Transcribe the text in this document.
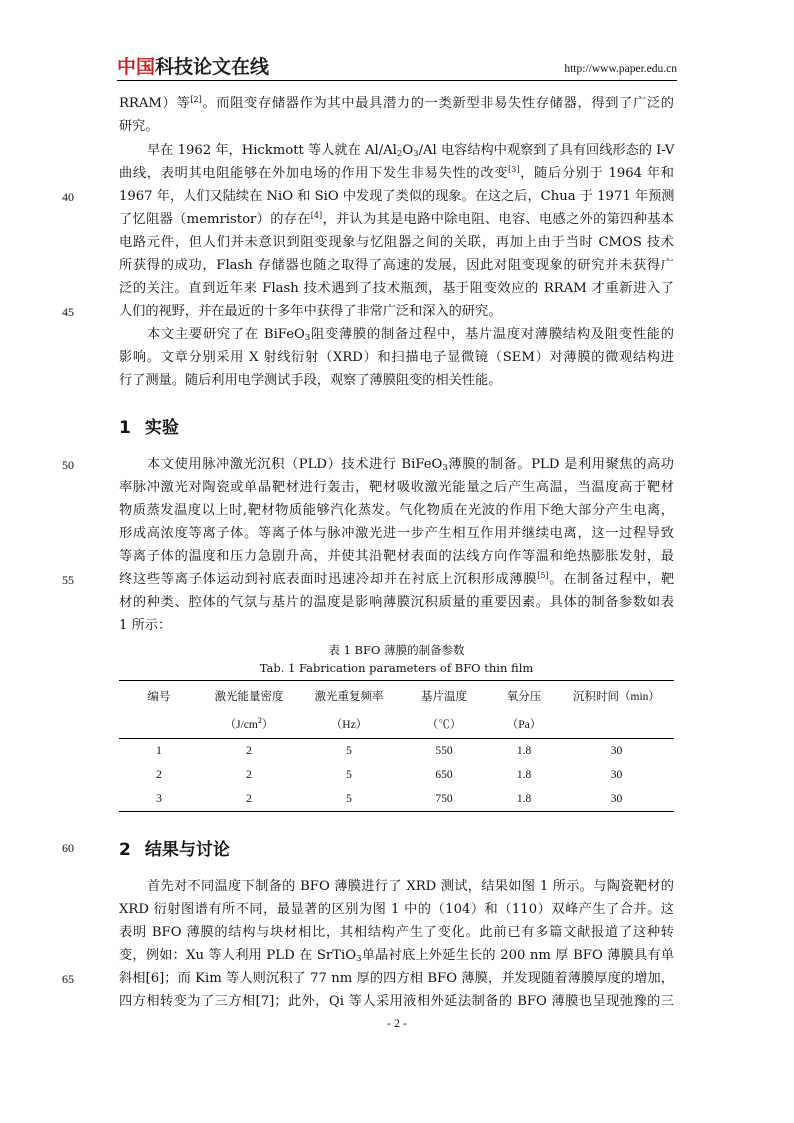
中国科技论文在线	http://www.paper.edu.cn
RRAM）等[2]。而阻变存储器作为其中最具潜力的一类新型非易失性存储器，得到了广泛的
研究。
早在 1962 年，Hickmott 等人就在 $Al/Al_2O_3/Al$ 电容结构中观察到了具有回线形态的 I-V
曲线，表明其电阻能够在外加电场的作用下发生非易失性的改变[3]，随后分别于 1964 年和
40	1967 年，人们又陆续在 NiO 和 SiO 中发现了类似的现象。在这之后，Chua 于 1971 年预测
了忆阻器（memristor）的存在[4]，并认为其是电路中除电阻、电容、电感之外的第四种基本
电路元件，但人们并未意识到阻变现象与忆阻器之间的关联，再加上由于当时 CMOS 技术
所获得的成功，Flash 存储器也随之取得了高速的发展，因此对阻变现象的研究并未获得广
泛的关注。直到近年来 Flash 技术遇到了技术瓶颈，基于阻变效应的 RRAM 才重新进入了
45	人们的视野，并在最近的十多年中获得了非常广泛和深入的研究。
本文主要研究了在 BiFeO$_3$阻变薄膜的制备过程中，基片温度对薄膜结构及阻变性能的
影响。文章分别采用 X 射线衍射（XRD）和扫描电子显微镜（SEM）对薄膜的微观结构进
行了测量。随后利用电学测试手段，观察了薄膜阻变的相关性能。
1 实验
50	本文使用脉冲激光沉积（PLD）技术进行 BiFeO$_3$薄膜的制备。PLD 是利用聚焦的高功
率脉冲激光对陶瓷或单晶靶材进行轰击，靶材吸收激光能量之后产生高温，当温度高于靶材
物质蒸发温度以上时,靶材物质能够汽化蒸发。气化物质在光波的作用下绝大部分产生电离，
形成高浓度等离子体。等离子体与脉冲激光进一步产生相互作用并继续电离，这一过程导致
等离子体的温度和压力急剧升高，并使其沿靶材表面的法线方向作等温和绝热膨胀发射，最
55	终这些等离子体运动到衬底表面时迅速冷却并在衬底上沉积形成薄膜[5]。在制备过程中，靶
材的种类、腔体的气氛与基片的温度是影响薄膜沉积质量的重要因素。具体的制备参数如表
1 所示：
表 1 BFO 薄膜的制备参数
Tab. 1 Fabrication parameters of BFO thin film
编号	激光能量密度	激光重复频率	基片温度	氧分压	沉积时间（min）
	$(J/cm^2)$	（Hz）	（℃）	（Pa）	
1	2	5	550	1.8	30
2	2	5	650	1.8	30
3	2	5	750	1.8	30
60	2 结果与讨论
首先对不同温度下制备的 BFO 薄膜进行了 XRD 测试，结果如图 1 所示。与陶瓷靶材的
XRD 衍射图谱有所不同，最显著的区别为图 1 中的（104）和（110）双峰产生了合并。这
表明 BFO 薄膜的结构与块材相比，其相结构产生了变化。此前已有多篇文献报道了这种转
变，例如：Xu 等人利用 PLD 在 SrTiO$_3$单晶衬底上外延生长的 200 nm 厚 BFO 薄膜具有单
65	斜相[6]；而 Kim 等人则沉积了 77 nm 厚的四方相 BFO 薄膜，并发现随着薄膜厚度的增加，
四方相转变为了三方相[7]；此外，Qi 等人采用液相外延法制备的 BFO 薄膜也呈现弛豫的三
- 2 -
